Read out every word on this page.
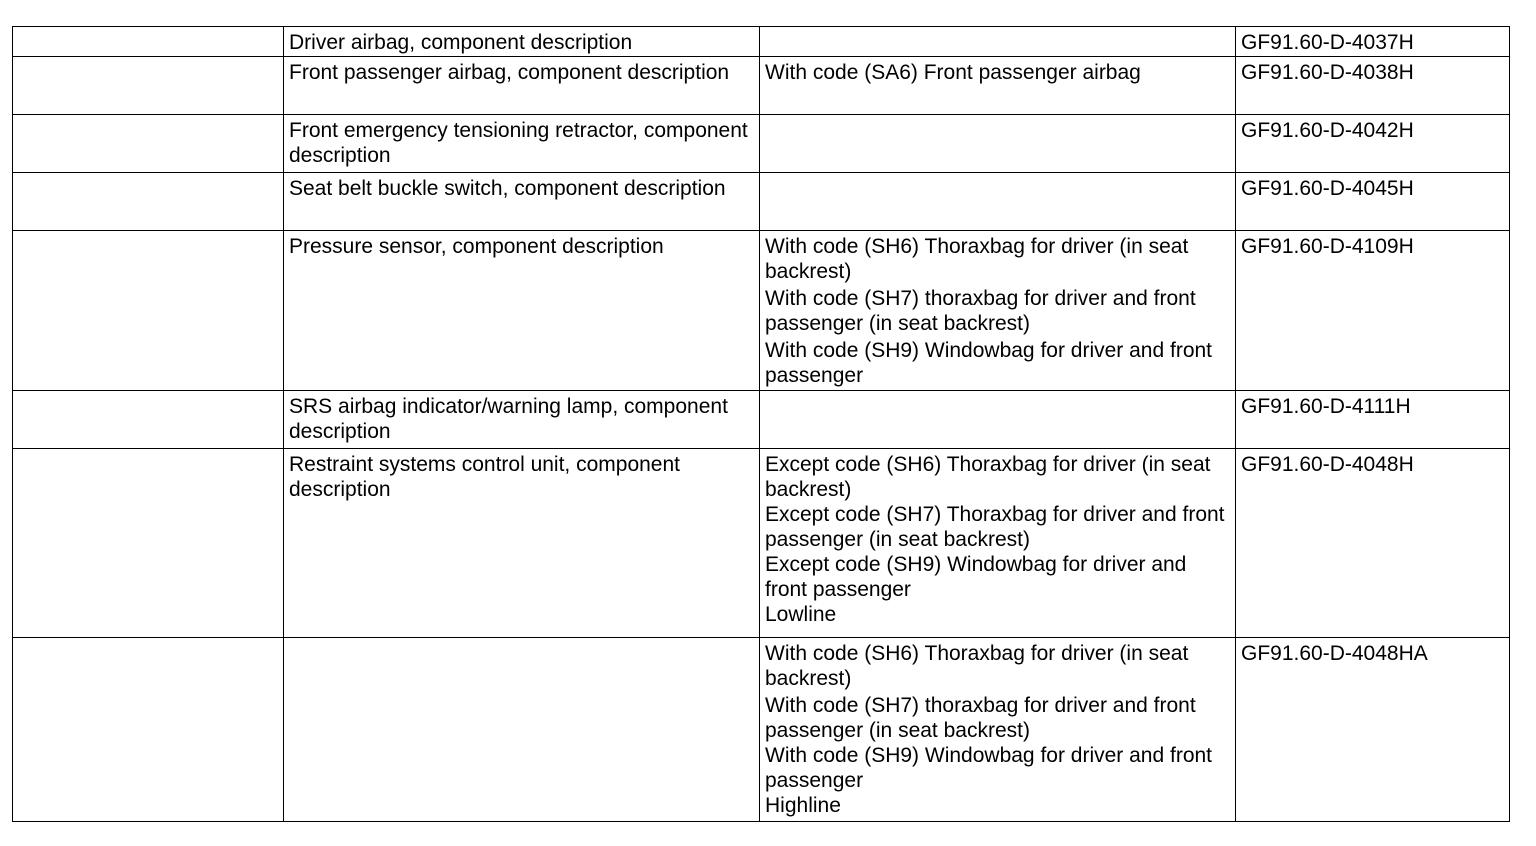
	Driver airbag, component description		GF91.60-D-4037H
	Front passenger airbag, component description	With code (SA6) Front passenger airbag	GF91.60-D-4038H
	Front emergency tensioning retractor, component description		GF91.60-D-4042H
	Seat belt buckle switch, component description		GF91.60-D-4045H
	Pressure sensor, component description	With code (SH6) Thoraxbag for driver (in seat backrest)
With code (SH7) thoraxbag for driver and front passenger (in seat backrest)
With code (SH9) Windowbag for driver and front passenger	GF91.60-D-4109H
	SRS airbag indicator/warning lamp, component description		GF91.60-D-4111H
	Restraint systems control unit, component description	Except code (SH6) Thoraxbag for driver (in seat backrest)
Except code (SH7) Thoraxbag for driver and front passenger (in seat backrest)
Except code (SH9) Windowbag for driver and front passenger
Lowline	GF91.60-D-4048H

		With code (SH6) Thoraxbag for driver (in seat backrest)
With code (SH7) thoraxbag for driver and front passenger (in seat backrest)
With code (SH9) Windowbag for driver and front passenger
Highline	GF91.60-D-4048HA
